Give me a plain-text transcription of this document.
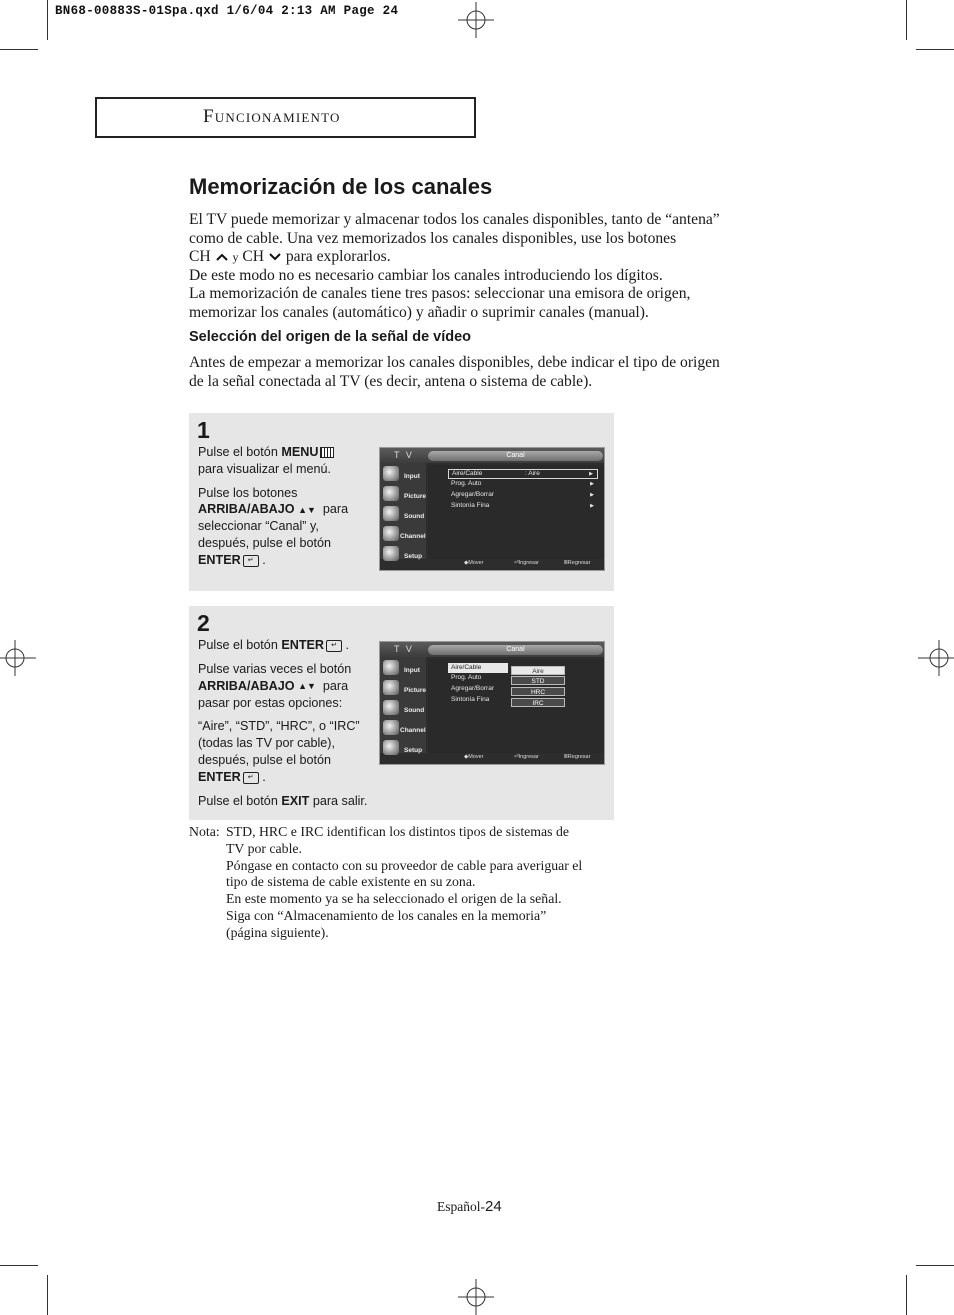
BN68-00883S-01Spa.qxd 1/6/04 2:13 AM Page 24
FUNCIONAMIENTO
Memorización de los canales
El TV puede memorizar y almacenar todos los canales disponibles, tanto de “antena”
como de cable. Una vez memorizados los canales disponibles, use los botones
CH y CH para explorarlos.
De este modo no es necesario cambiar los canales introduciendo los dígitos.
La memorización de canales tiene tres pasos: seleccionar una emisora de origen,
memorizar los canales (automático) y añadir o suprimir canales (manual).
Selección del origen de la señal de vídeo
Antes de empezar a memorizar los canales disponibles, debe indicar el tipo de origen
de la señal conectada al TV (es decir, antena o sistema de cable).
1
Pulse el botón MENU
para visualizar el menú.
Pulse los botones
ARRIBA/ABAJO ▲▼ para
seleccionar “Canal” y,
después, pulse el botón
ENTER ↵ .
T V	Canal
Input
Picture
Sound
Channel
Setup
Aire/Cable	: Aire	▶
Prog. Auto	▶
Agregar/Borrar	▶
Sintonía Fina	▶
◆ Mover	⏎ Ingresar	Ⅲ Regresar
2
Pulse el botón ENTER ↵ .
Pulse varias veces el botón
ARRIBA/ABAJO ▲▼ para
pasar por estas opciones:
“Aire”, “STD”, “HRC”, o “IRC”
(todas las TV por cable),
después, pulse el botón
ENTER ↵ .
Pulse el botón EXIT para salir.
T V	Canal
Input
Picture
Sound
Channel
Setup
Aire/Cable
Prog. Auto
Agregar/Borrar
Sintonía Fina
Aire
STD
HRC
IRC
◆ Mover	⏎ Ingresar	Ⅲ Regresar
Nota: STD, HRC e IRC identifican los distintos tipos de sistemas de
TV por cable.
Póngase en contacto con su proveedor de cable para averiguar el
tipo de sistema de cable existente en su zona.
En este momento ya se ha seleccionado el origen de la señal.
Siga con “Almacenamiento de los canales en la memoria”
(página siguiente).
Español-24
